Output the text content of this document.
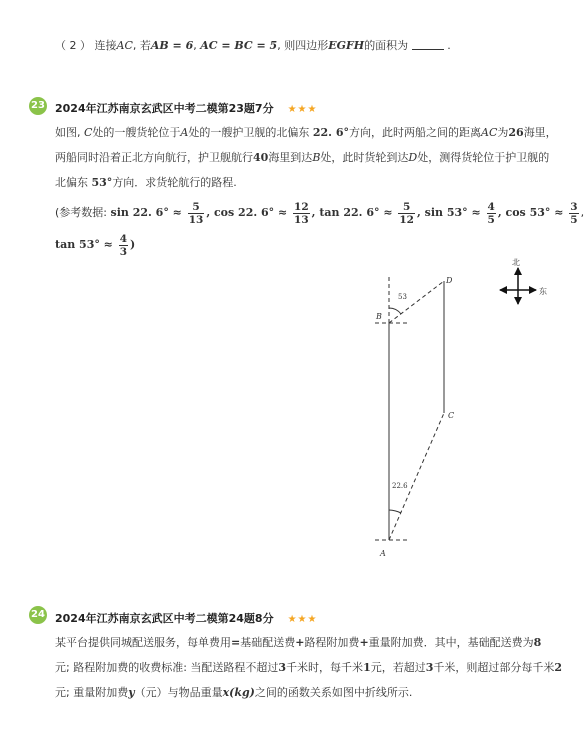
（ 2 ） 连接AC, 若AB = 6, AC = BC = 5, 则四边形EGFH的面积为	.
23 2024年江苏南京玄武区中考二模第23题7分 ★★★
如图, C处的一艘货轮位于A处的一艘护卫舰的北偏东 22. 6°方向，此时两船之间的距离AC为26海里，
两船同时沿着正北方向航行，护卫舰航行40海里到达B处，此时货轮到达D处，测得货轮位于护卫舰的
北偏东 53°方向．求货轮航行的路程.
(参考数据: sin 22. $6^\circ \approx \frac{5}{13}$ , cos 22. $6^\circ \approx \frac{12}{13}$ , tan 22. $6^\circ \approx \frac{5}{12}$ , $\sin 53^\circ \approx \frac{4}{5}$ , $\cos 53^\circ \approx \frac{3}{5}$ ,
$\tan 53^\circ \approx \frac{4}{3}$ )
A
B
C
D
53
22.6
北
东
24 2024年江苏南京玄武区中考二模第24题8分 ★★★
某平台提供同城配送服务，每单费用=基础配送费+路程附加费+重量附加费．其中，基础配送费为8
元; 路程附加费的收费标准: 当配送路程不超过3千米时，每千米1元，若超过3千米，则超过部分每千米2
元; 重量附加费y（元）与物品重量x(kg)之间的函数关系如图中折线所示.
